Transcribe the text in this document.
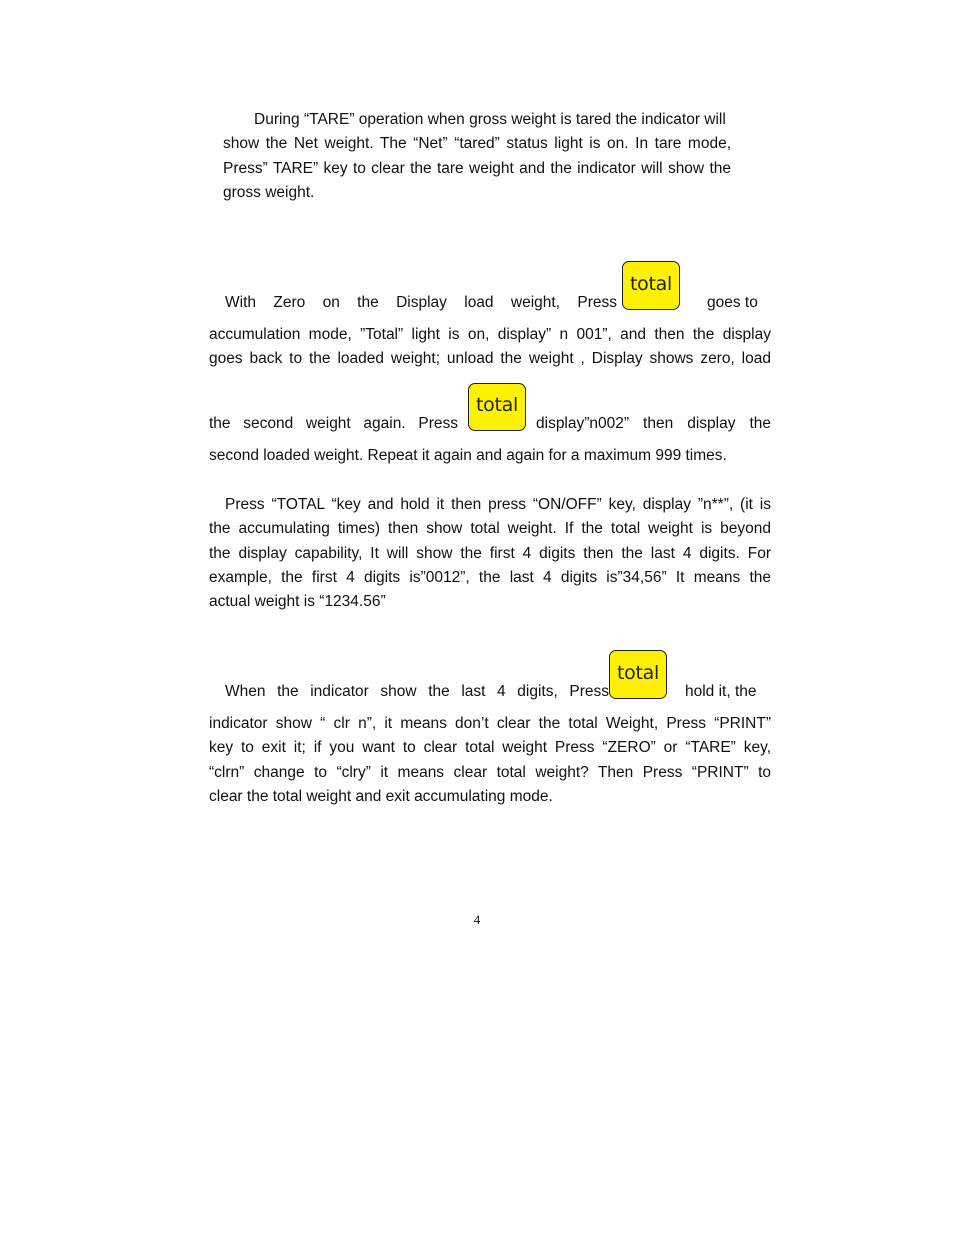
During “TARE” operation when gross weight is tared the indicator will
show the Net weight. The “Net” “tared” status light is on. In tare mode,
Press” TARE” key to clear the tare weight and the indicator will show the
gross weight.
With Zero on the Display load weight, Press	goes to
accumulation mode, ”Total” light is on, display” n 001”, and then the display
goes back to the loaded weight; unload the weight , Display shows zero, load
the second weight again. Press	display”n002” then display the
second loaded weight. Repeat it again and again for a maximum 999 times.
total
total
Press “TOTAL “key and hold it then press “ON/OFF” key, display ”n**”, (it is
the accumulating times) then show total weight. If the total weight is beyond
the display capability, It will show the first 4 digits then the last 4 digits. For
example, the first 4 digits is”0012”, the last 4 digits is”34,56” It means the
actual weight is “1234.56”
When the indicator show the last 4 digits, Press	hold it, the
indicator show “ clr n”, it means don’t clear the total Weight, Press “PRINT”
key to exit it; if you want to clear total weight Press “ZERO” or “TARE” key,
“clrn” change to “clry” it means clear total weight? Then Press “PRINT” to
clear the total weight and exit accumulating mode.
total
4
